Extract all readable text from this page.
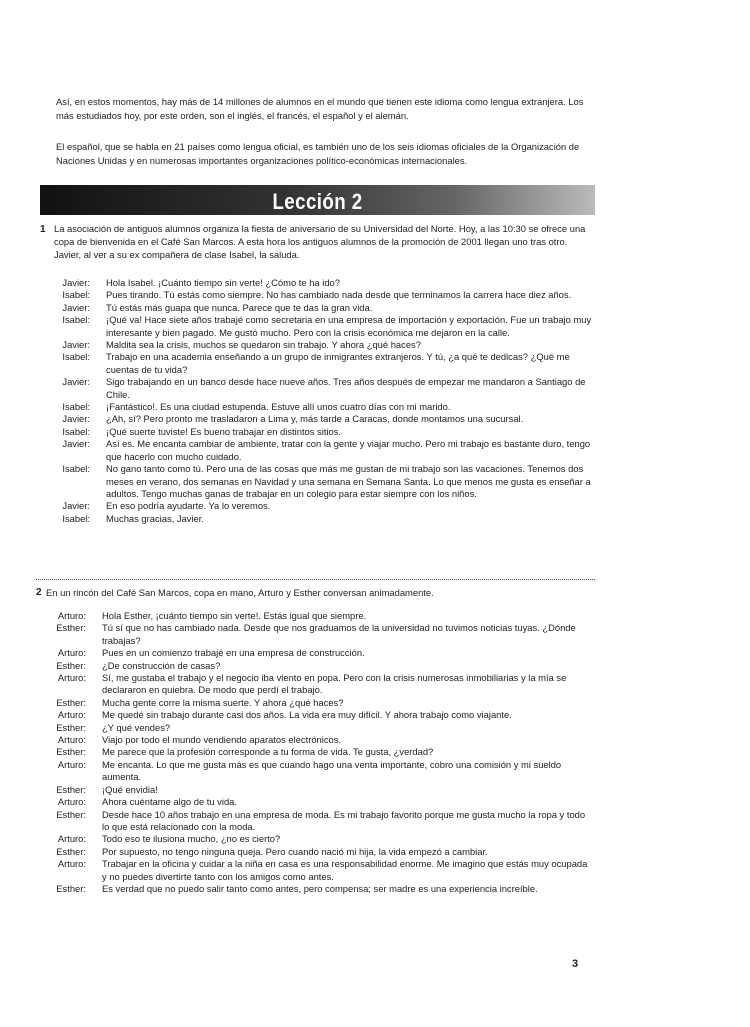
Así, en estos momentos, hay más de 14 millones de alumnos en el mundo que tienen este idioma como lengua extranjera. Los más estudiados hoy, por este orden, son el inglés, el francés, el español y el alemán.
El español, que se habla en 21 países como lengua oficial, es también uno de los seis idiomas oficiales de la Organización de Naciones Unidas y en numerosas importantes organizaciones político-económicas internacionales.
Lección 2
1 La asociación de antiguos alumnos organiza la fiesta de aniversario de su Universidad del Norte. Hoy, a las 10:30 se ofrece una copa de bienvenida en el Café San Marcos. A esta hora los antiguos alumnos de la promoción de 2001 llegan uno tras otro. Javier, al ver a su ex compañera de clase Isabel, la saluda.
Javier:	Hola Isabel. ¡Cuánto tiempo sin verte! ¿Cómo te ha ido?
Isabel:	Pues tirando. Tú estás como siempre. No has cambiado nada desde que terminamos la carrera hace diez años.
Javier:	Tú estás más guapa que nunca. Parece que te das la gran vida.
Isabel:	¡Qué va! Hace siete años trabajé como secretaria en una empresa de importación y exportación. Fue un trabajo muy interesante y bien pagado. Me gustó mucho. Pero con la crisis económica me dejaron en la calle.
Javier:	Maldita sea la crisis, muchos se quedaron sin trabajo. Y ahora ¿qué haces?
Isabel:	Trabajo en una academia enseñando a un grupo de inmigrantes extranjeros. Y tú, ¿a qué te dedicas? ¿Qué me cuentas de tu vida?
Javier:	Sigo trabajando en un banco desde hace nueve años. Tres años después de empezar me mandaron a Santiago de Chile.
Isabel:	¡Fantástico!. Es una ciudad estupenda. Estuve allí unos cuatro días con mi marido.
Javier:	¿Ah, sí? Pero pronto me trasladaron a Lima y, más tarde a Caracas, donde montamos una sucursal.
Isabel:	¡Qué suerte tuviste! Es bueno trabajar en distintos sitios.
Javier:	Así es. Me encanta cambiar de ambiente, tratar con la gente y viajar mucho. Pero mi trabajo es bastante duro, tengo que hacerlo con mucho cuidado.
Isabel:	No gano tanto como tú. Pero una de las cosas que más me gustan de mi trabajo son las vacaciones. Tenemos dos meses en verano, dos semanas en Navidad y una semana en Semana Santa. Lo que menos me gusta es enseñar a adultos. Tengo muchas ganas de trabajar en un colegio para estar siempre con los niños.
Javier:	En eso podría ayudarte. Ya lo veremos.
Isabel:	Muchas gracias, Javier.
2 En un rincón del Café San Marcos, copa en mano, Arturo y Esther conversan animadamente.
Arturo:	Hola Esther, ¡cuánto tiempo sin verte!. Estás igual que siempre.
Esther:	Tú sí que no has cambiado nada. Desde que nos graduamos de la universidad no tuvimos noticias tuyas. ¿Dónde trabajas?
Arturo:	Pues en un comienzo trabajé en una empresa de construcción.
Esther:	¿De construcción de casas?
Arturo:	Sí, me gustaba el trabajo y el negocio iba viento en popa. Pero con la crisis numerosas inmobiliarias y la mía se declararon en quiebra. De modo que perdí el trabajo.
Esther:	Mucha gente corre la misma suerte. Y ahora ¿qué haces?
Arturo:	Me quedé sin trabajo durante casi dos años. La vida era muy difícil. Y ahora trabajo como viajante.
Esther:	¿Y qué vendes?
Arturo:	Viajo por todo el mundo vendiendo aparatos electrónicos.
Esther:	Me parece que la profesión corresponde a tu forma de vida. Te gusta, ¿verdad?
Arturo:	Me encanta. Lo que me gusta más es que cuando hago una venta importante, cobro una comisión y mi sueldo aumenta.
Esther:	¡Qué envidia!
Arturo:	Ahora cuéntame algo de tu vida.
Esther:	Desde hace 10 años trabajo en una empresa de moda. Es mi trabajo favorito porque me gusta mucho la ropa y todo lo que está relacionado con la moda.
Arturo:	Todo eso te ilusiona mucho, ¿no es cierto?
Esther:	Por supuesto, no tengo ninguna queja. Pero cuando nació mi hija, la vida empezó a cambiar.
Arturo:	Trabajar en la oficina y cuidar a la niña en casa es una responsabilidad enorme. Me imagino que estás muy ocupada y no puedes divertirte tanto con los amigos como antes.
Esther:	Es verdad que no puedo salir tanto como antes, pero compensa; ser madre es una experiencia increíble.
3
